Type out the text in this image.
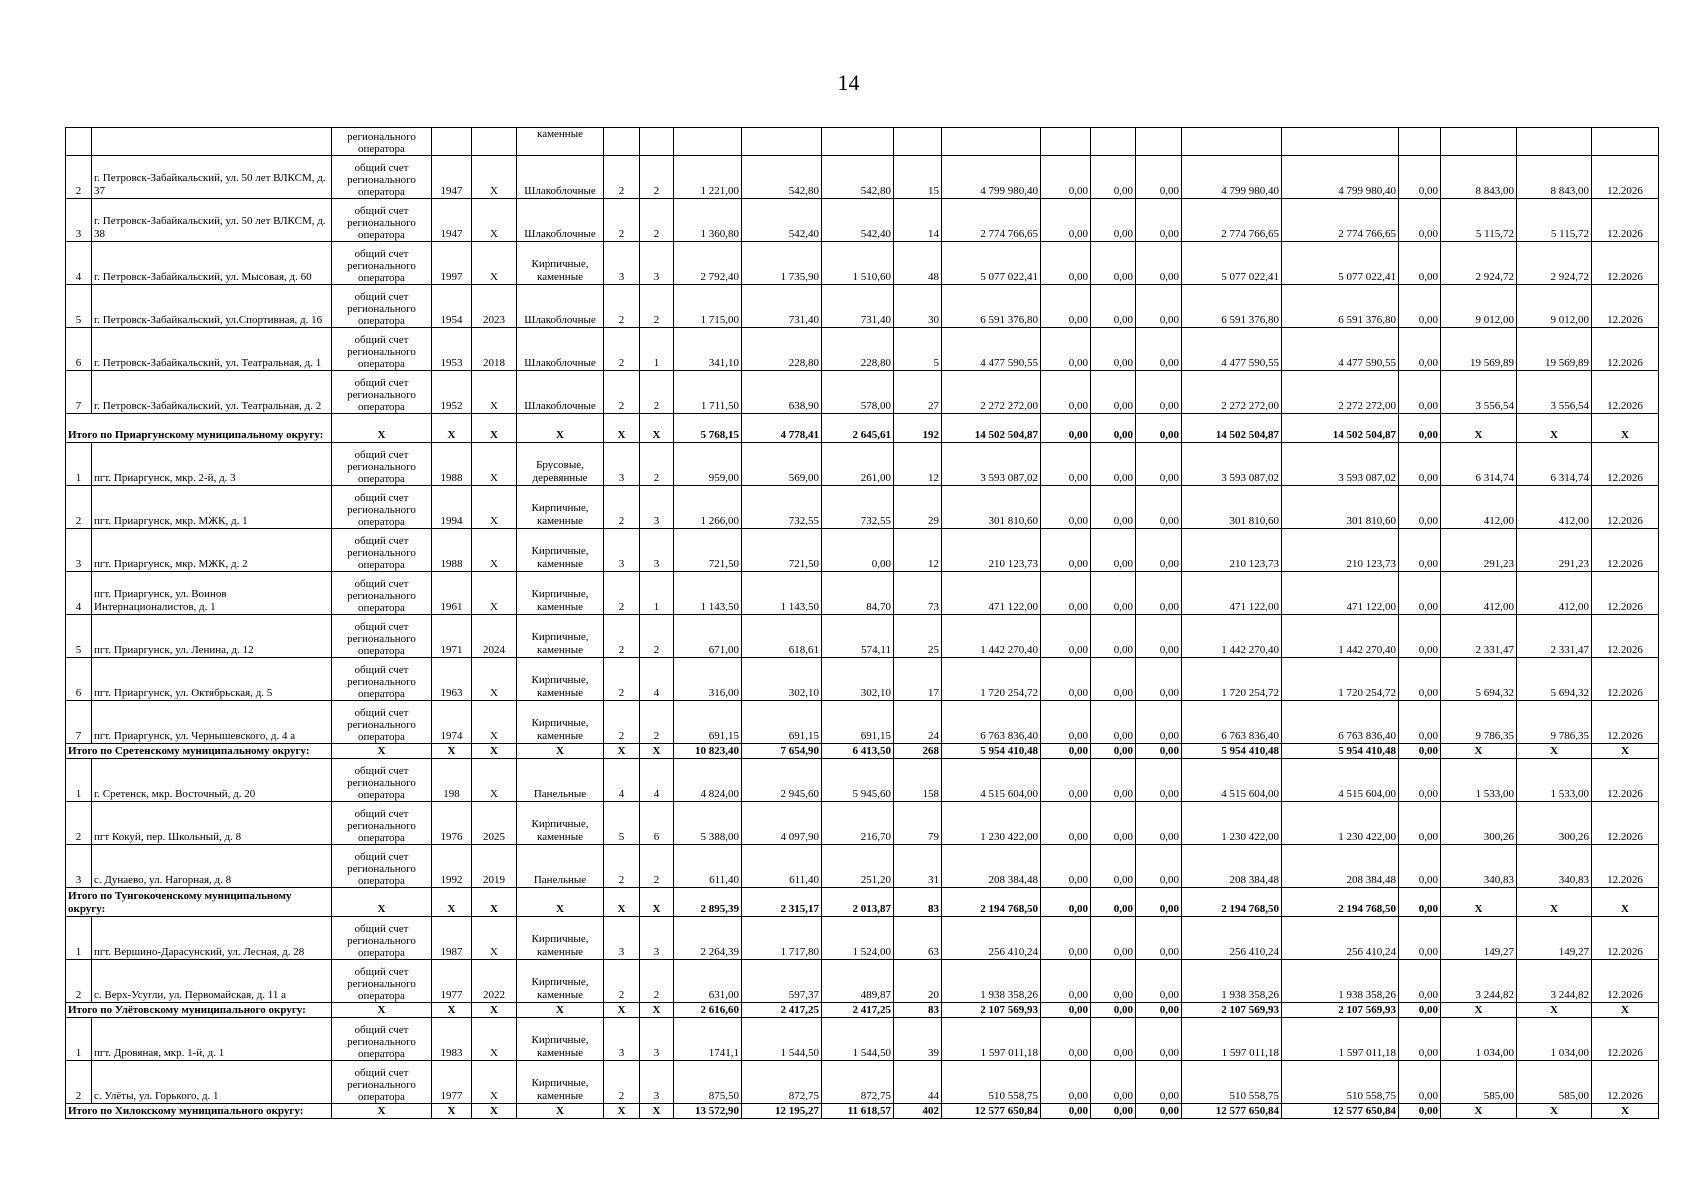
14
		регионального оператора			каменные																
2	г. Петровск-Забайкальский, ул. 50 лет ВЛКСМ, д. 37	общий счет регионального оператора	1947	Х	Шлакоблочные	2	2	1 221,00	542,80	542,80	15	4 799 980,40	0,00	0,00	0,00	4 799 980,40	4 799 980,40	0,00	8 843,00	8 843,00	12.2026
3	г. Петровск-Забайкальский, ул. 50 лет ВЛКСМ, д. 38	общий счет регионального оператора	1947	Х	Шлакоблочные	2	2	1 360,80	542,40	542,40	14	2 774 766,65	0,00	0,00	0,00	2 774 766,65	2 774 766,65	0,00	5 115,72	5 115,72	12.2026
4	г. Петровск-Забайкальский, ул. Мысовая, д. 60	общий счет регионального оператора	1997	Х	Кирпичные, каменные	3	3	2 792,40	1 735,90	1 510,60	48	5 077 022,41	0,00	0,00	0,00	5 077 022,41	5 077 022,41	0,00	2 924,72	2 924,72	12.2026
5	г. Петровск-Забайкальский, ул.Спортивная, д. 16	общий счет регионального оператора	1954	2023	Шлакоблочные	2	2	1 715,00	731,40	731,40	30	6 591 376,80	0,00	0,00	0,00	6 591 376,80	6 591 376,80	0,00	9 012,00	9 012,00	12.2026
6	г. Петровск-Забайкальский, ул. Театральная, д. 1	общий счет регионального оператора	1953	2018	Шлакоблочные	2	1	341,10	228,80	228,80	5	4 477 590,55	0,00	0,00	0,00	4 477 590,55	4 477 590,55	0,00	19 569,89	19 569,89	12.2026
7	г. Петровск-Забайкальский, ул. Театральная, д. 2	общий счет регионального оператора	1952	Х	Шлакоблочные	2	2	1 711,50	638,90	578,00	27	2 272 272,00	0,00	0,00	0,00	2 272 272,00	2 272 272,00	0,00	3 556,54	3 556,54	12.2026
Итого по Приаргунскому муниципальному округу:		Х	Х	Х	Х	Х	Х	5 768,15	4 778,41	2 645,61	192	14 502 504,87	0,00	0,00	0,00	14 502 504,87	14 502 504,87	0,00	Х	Х	Х
1	пгт. Приаргунск, мкр. 2-й, д. 3	общий счет регионального оператора	1988	Х	Брусовые, деревянные	3	2	959,00	569,00	261,00	12	3 593 087,02	0,00	0,00	0,00	3 593 087,02	3 593 087,02	0,00	6 314,74	6 314,74	12.2026
2	пгт. Приаргунск, мкр. МЖК, д. 1	общий счет регионального оператора	1994	Х	Кирпичные, каменные	2	3	1 266,00	732,55	732,55	29	301 810,60	0,00	0,00	0,00	301 810,60	301 810,60	0,00	412,00	412,00	12.2026
3	пгт. Приаргунск, мкр. МЖК, д. 2	общий счет регионального оператора	1988	Х	Кирпичные, каменные	3	3	721,50	721,50	0,00	12	210 123,73	0,00	0,00	0,00	210 123,73	210 123,73	0,00	291,23	291,23	12.2026
4	пгт. Приаргунск, ул. Воинов Интернационалистов, д. 1	общий счет регионального оператора	1961	Х	Кирпичные, каменные	2	1	1 143,50	1 143,50	84,70	73	471 122,00	0,00	0,00	0,00	471 122,00	471 122,00	0,00	412,00	412,00	12.2026
5	пгт. Приаргунск, ул. Ленина, д. 12	общий счет регионального оператора	1971	2024	Кирпичные, каменные	2	2	671,00	618,61	574,11	25	1 442 270,40	0,00	0,00	0,00	1 442 270,40	1 442 270,40	0,00	2 331,47	2 331,47	12.2026
6	пгт. Приаргунск, ул. Октябрьская, д. 5	общий счет регионального оператора	1963	Х	Кирпичные, каменные	2	4	316,00	302,10	302,10	17	1 720 254,72	0,00	0,00	0,00	1 720 254,72	1 720 254,72	0,00	5 694,32	5 694,32	12.2026
7	пгт. Приаргунск, ул. Чернышевского, д. 4 а	общий счет регионального оператора	1974	Х	Кирпичные, каменные	2	2	691,15	691,15	691,15	24	6 763 836,40	0,00	0,00	0,00	6 763 836,40	6 763 836,40	0,00	9 786,35	9 786,35	12.2026
Итого по Сретенскому муниципальному округу:		Х	Х	Х	Х	Х	Х	10 823,40	7 654,90	6 413,50	268	5 954 410,48	0,00	0,00	0,00	5 954 410,48	5 954 410,48	0,00	Х	Х	Х
1	г. Сретенск, мкр. Восточный, д. 20	общий счет регионального оператора	198	Х	Панельные	4	4	4 824,00	2 945,60	5 945,60	158	4 515 604,00	0,00	0,00	0,00	4 515 604,00	4 515 604,00	0,00	1 533,00	1 533,00	12.2026
2	пгт Кокуй, пер. Школьный, д. 8	общий счет регионального оператора	1976	2025	Кирпичные, каменные	5	6	5 388,00	4 097,90	216,70	79	1 230 422,00	0,00	0,00	0,00	1 230 422,00	1 230 422,00	0,00	300,26	300,26	12.2026
3	с. Дунаево, ул. Нагорная, д. 8	общий счет регионального оператора	1992	2019	Панельные	2	2	611,40	611,40	251,20	31	208 384,48	0,00	0,00	0,00	208 384,48	208 384,48	0,00	340,83	340,83	12.2026
Итого по Тунгокоченскому муниципальному округу:		Х	Х	Х	Х	Х	Х	2 895,39	2 315,17	2 013,87	83	2 194 768,50	0,00	0,00	0,00	2 194 768,50	2 194 768,50	0,00	Х	Х	Х
1	пгт. Вершино-Дарасунский, ул. Лесная, д. 28	общий счет регионального оператора	1987	Х	Кирпичные, каменные	3	3	2 264,39	1 717,80	1 524,00	63	256 410,24	0,00	0,00	0,00	256 410,24	256 410,24	0,00	149,27	149,27	12.2026
2	с. Верх-Усугли, ул. Первомайская, д. 11 а	общий счет регионального оператора	1977	2022	Кирпичные, каменные	2	2	631,00	597,37	489,87	20	1 938 358,26	0,00	0,00	0,00	1 938 358,26	1 938 358,26	0,00	3 244,82	3 244,82	12.2026
Итого по Улётовскому муниципального округу:		Х	Х	Х	Х	Х	Х	2 616,60	2 417,25	2 417,25	83	2 107 569,93	0,00	0,00	0,00	2 107 569,93	2 107 569,93	0,00	Х	Х	Х
1	пгт. Дровяная, мкр. 1-й, д. 1	общий счет регионального оператора	1983	Х	Кирпичные, каменные	3	3	1741,1	1 544,50	1 544,50	39	1 597 011,18	0,00	0,00	0,00	1 597 011,18	1 597 011,18	0,00	1 034,00	1 034,00	12.2026
2	с. Улёты, ул. Горького, д. 1	общий счет регионального оператора	1977	Х	Кирпичные, каменные	2	3	875,50	872,75	872,75	44	510 558,75	0,00	0,00	0,00	510 558,75	510 558,75	0,00	585,00	585,00	12.2026
Итого по Хилокскому муниципального округу:		Х	Х	Х	Х	Х	Х	13 572,90	12 195,27	11 618,57	402	12 577 650,84	0,00	0,00	0,00	12 577 650,84	12 577 650,84	0,00	Х	Х	Х
